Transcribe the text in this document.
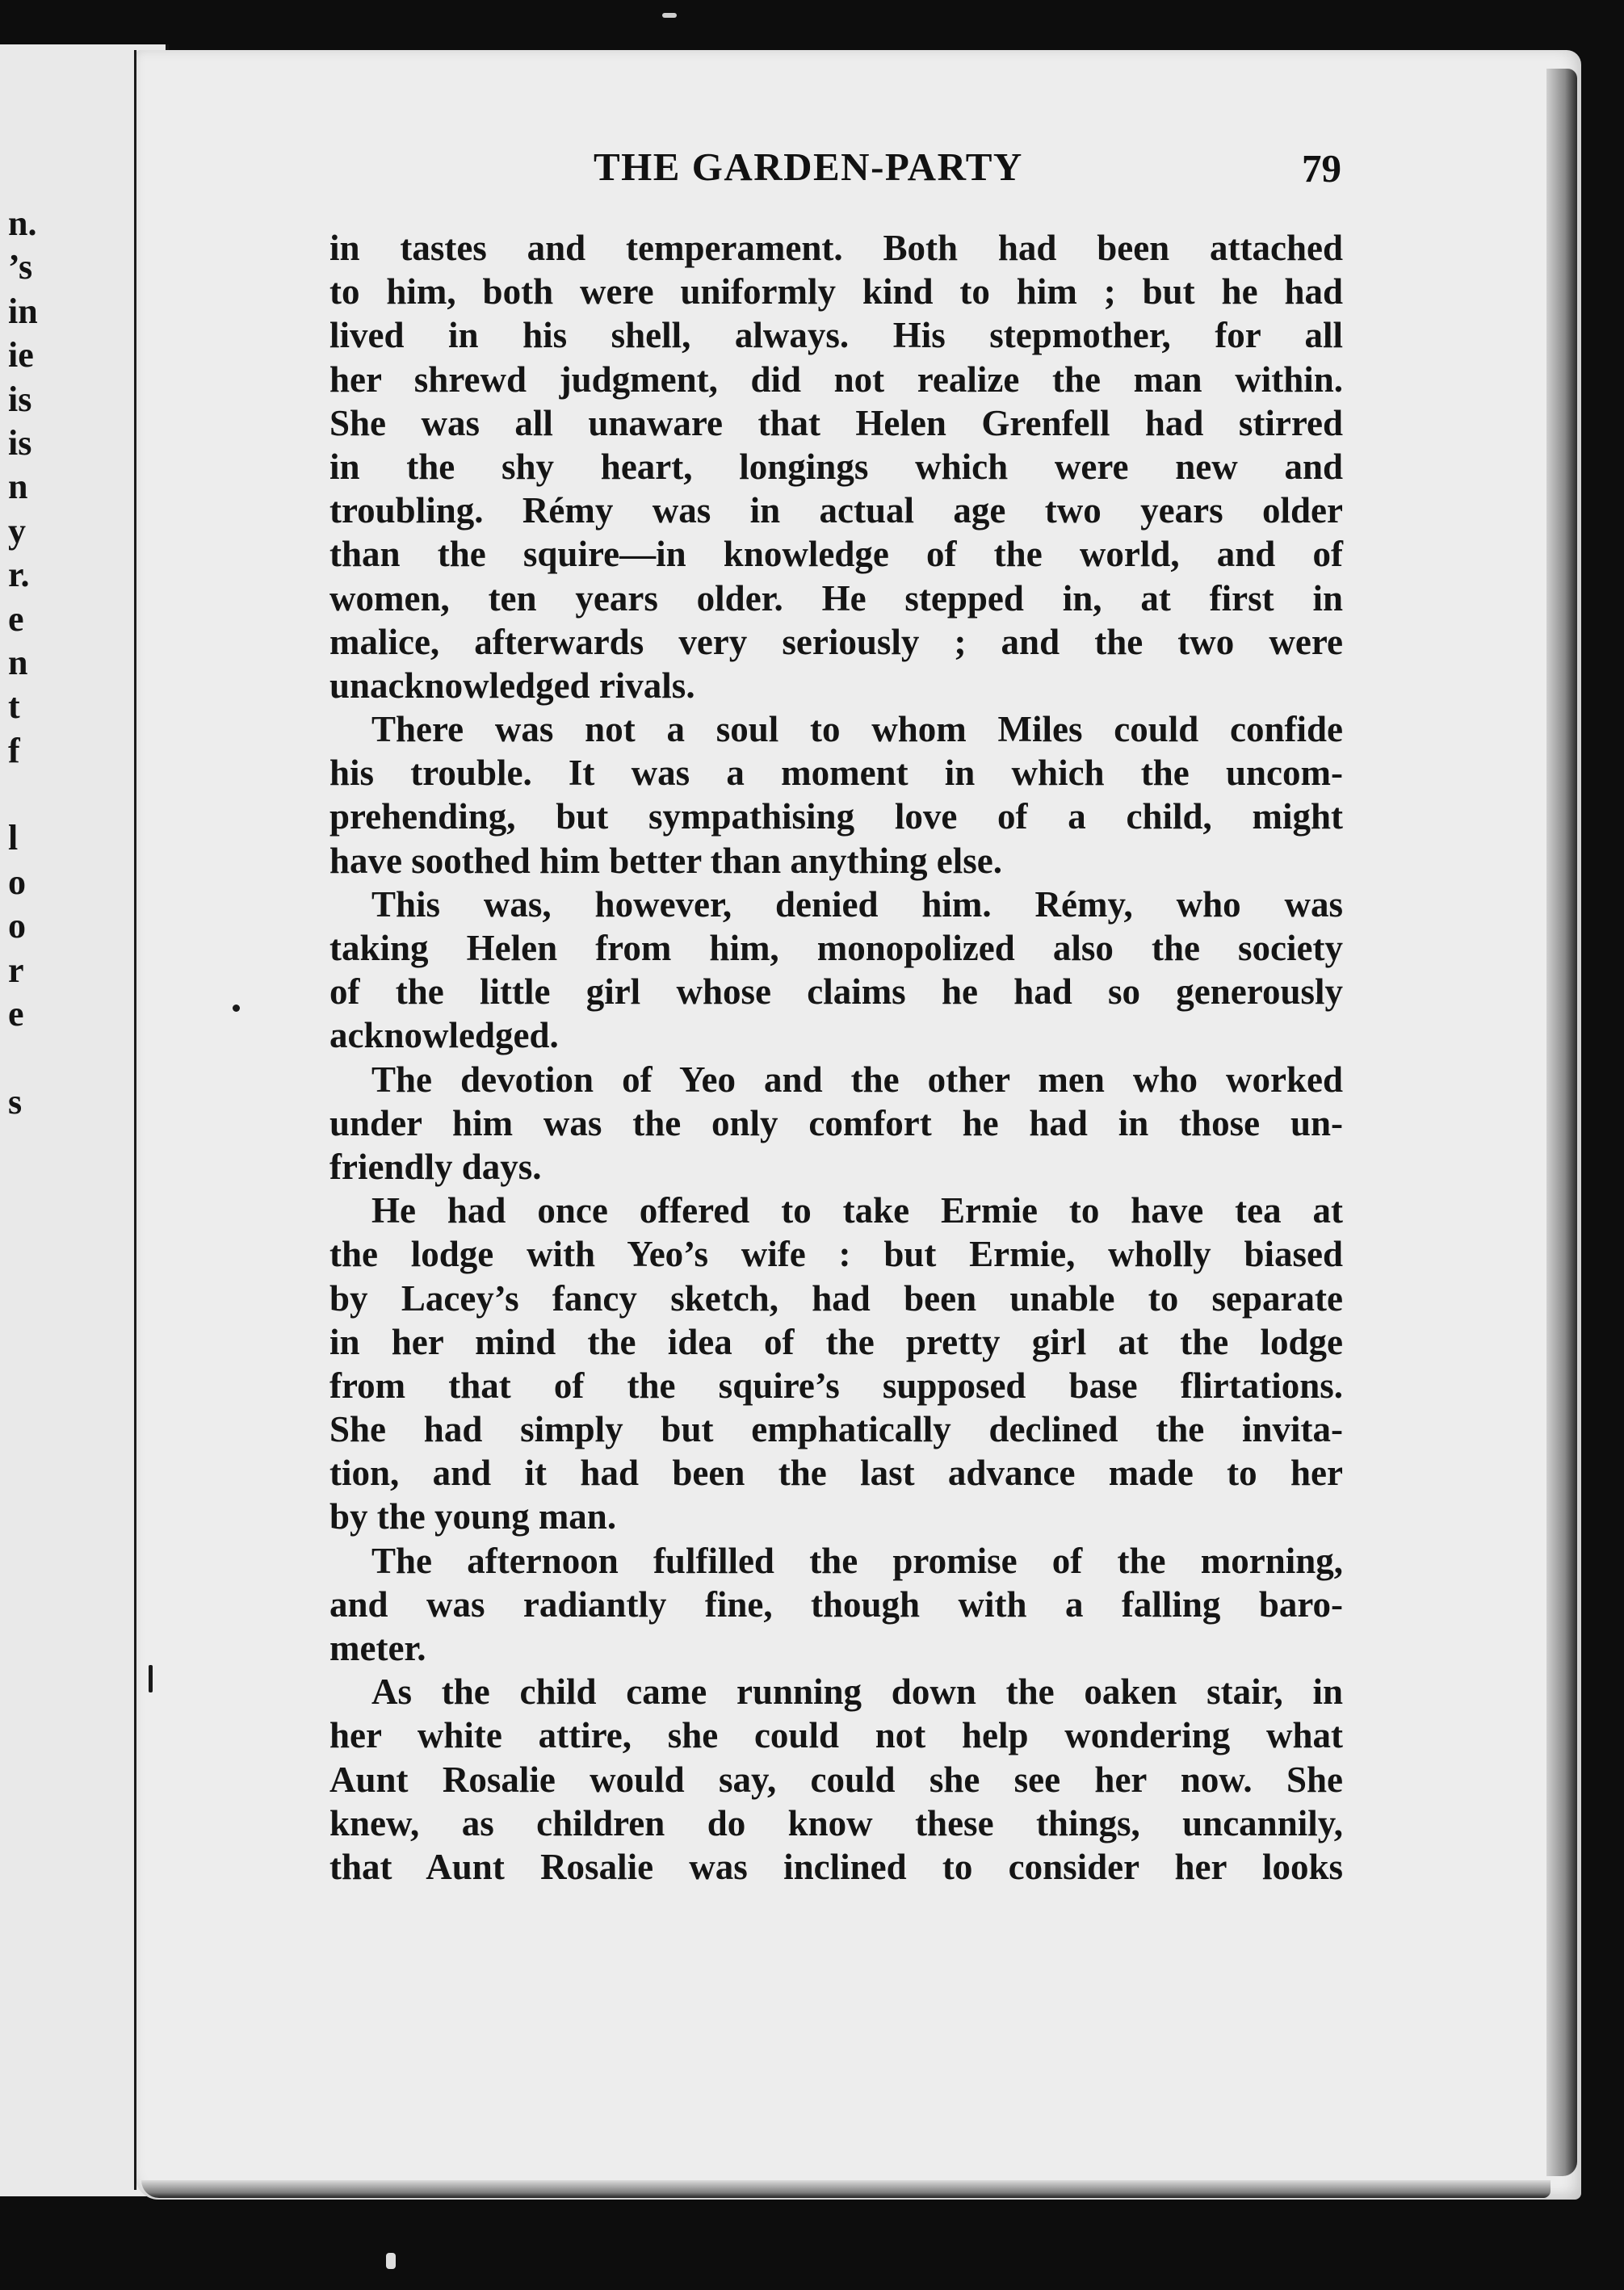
n.
’s
in
ie
is
is
n
y
r.
e
n
t
f
l
o
o
r
e
s
THE GARDEN-PARTY	79
in tastes and temperament. Both had been attached
to him, both were uniformly kind to him ; but he had
lived in his shell, always. His stepmother, for all
her shrewd judgment, did not realize the man within.
She was all unaware that Helen Grenfell had stirred
in the shy heart, longings which were new and
troubling. Rémy was in actual age two years older
than the squire—in knowledge of the world, and of
women, ten years older. He stepped in, at first in
malice, afterwards very seriously ; and the two were
unacknowledged rivals.
There was not a soul to whom Miles could confide
his trouble. It was a moment in which the uncom-
prehending, but sympathising love of a child, might
have soothed him better than anything else.
This was, however, denied him. Rémy, who was
taking Helen from him, monopolized also the society
of the little girl whose claims he had so generously
acknowledged.
The devotion of Yeo and the other men who worked
under him was the only comfort he had in those un-
friendly days.
He had once offered to take Ermie to have tea at
the lodge with Yeo’s wife : but Ermie, wholly biased
by Lacey’s fancy sketch, had been unable to separate
in her mind the idea of the pretty girl at the lodge
from that of the squire’s supposed base flirtations.
She had simply but emphatically declined the invita-
tion, and it had been the last advance made to her
by the young man.
The afternoon fulfilled the promise of the morning,
and was radiantly fine, though with a falling baro-
meter.
As the child came running down the oaken stair, in
her white attire, she could not help wondering what
Aunt Rosalie would say, could she see her now. She
knew, as children do know these things, uncannily,
that Aunt Rosalie was inclined to consider her looks
